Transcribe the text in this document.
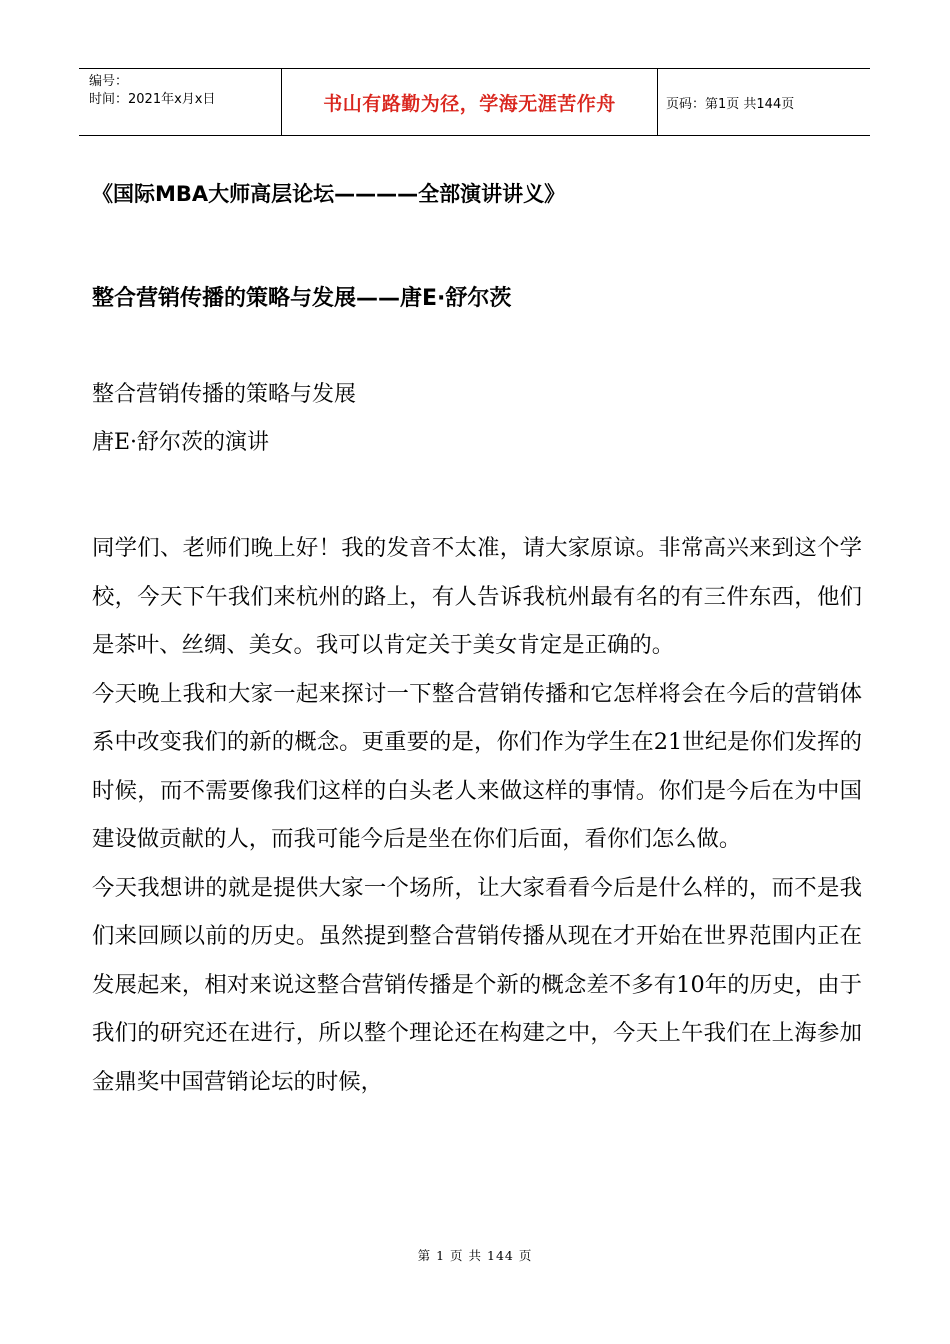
编号：
时间：2021年x月x日	书山有路勤为径，学海无涯苦作舟	页码：第1页 共144页
《国际MBA大师高层论坛————全部演讲讲义》
整合营销传播的策略与发展——唐E·舒尔茨
整合营销传播的策略与发展
唐E·舒尔茨的演讲

同学们、老师们晚上好！我的发音不太准，请大家原谅。非常高兴来到这个学校，今天下午我们来杭州的路上，有人告诉我杭州最有名的有三件东西，他们是茶叶、丝绸、美女。我可以肯定关于美女肯定是正确的。

今天晚上我和大家一起来探讨一下整合营销传播和它怎样将会在今后的营销体系中改变我们的新的概念。更重要的是，你们作为学生在21世纪是你们发挥的时候，而不需要像我们这样的白头老人来做这样的事情。你们是今后在为中国建设做贡献的人，而我可能今后是坐在你们后面，看你们怎么做。

今天我想讲的就是提供大家一个场所，让大家看看今后是什么样的，而不是我们来回顾以前的历史。虽然提到整合营销传播从现在才开始在世界范围内正在发展起来，相对来说这整合营销传播是个新的概念差不多有10年的历史，由于我们的研究还在进行，所以整个理论还在构建之中，今天上午我们在上海参加金鼎奖中国营销论坛的时候，

第 1 页 共 144 页
